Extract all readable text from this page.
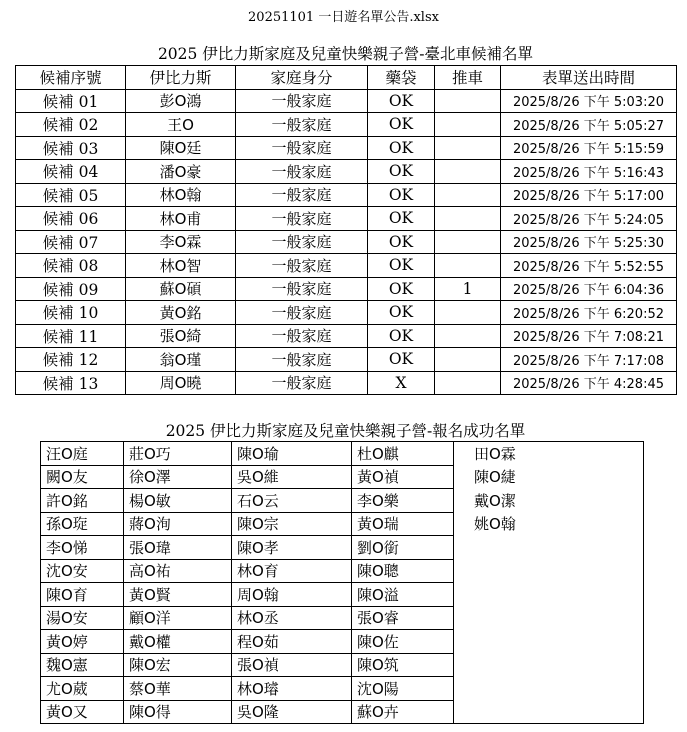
20251101 一日遊名單公告.xlsx
2025 伊比力斯家庭及兒童快樂親子營-臺北車候補名單
候補序號	伊比力斯	家庭身分	藥袋	推車	表單送出時間
候補 01	彭O鴻	一般家庭	OK		2025/8/26 下午 5:03:20
候補 02	王O	一般家庭	OK		2025/8/26 下午 5:05:27
候補 03	陳O廷	一般家庭	OK		2025/8/26 下午 5:15:59
候補 04	潘O豪	一般家庭	OK		2025/8/26 下午 5:16:43
候補 05	林O翰	一般家庭	OK		2025/8/26 下午 5:17:00
候補 06	林O甫	一般家庭	OK		2025/8/26 下午 5:24:05
候補 07	李O霖	一般家庭	OK		2025/8/26 下午 5:25:30
候補 08	林O智	一般家庭	OK		2025/8/26 下午 5:52:55
候補 09	蘇O碩	一般家庭	OK	1	2025/8/26 下午 6:04:36
候補 10	黃O銘	一般家庭	OK		2025/8/26 下午 6:20:52
候補 11	張O綺	一般家庭	OK		2025/8/26 下午 7:08:21
候補 12	翁O瑾	一般家庭	OK		2025/8/26 下午 7:17:08
候補 13	周O曉	一般家庭	X		2025/8/26 下午 4:28:45
2025 伊比力斯家庭及兒童快樂親子營-報名成功名單
汪O庭	莊O巧	陳O瑜	杜O麒	田O霖
闕O友	徐O澤	吳O維	黃O禎	陳O緁
許O銘	楊O敏	石O云	李O樂	戴O潔
孫O琁	蔣O洵	陳O宗	黃O瑞	姚O翰
李O悌	張O瑋	陳O孝	劉O銜	
沈O安	高O祐	林O育	陳O聰	
陳O育	黃O賢	周O翰	陳O溢	
湯O安	顧O洋	林O丞	張O睿	
黃O婷	戴O權	程O茹	陳O佐	
魏O憲	陳O宏	張O禎	陳O筑	
尤O葳	蔡O華	林O璿	沈O陽	
黃O又	陳O得	吳O隆	蘇O卉	
